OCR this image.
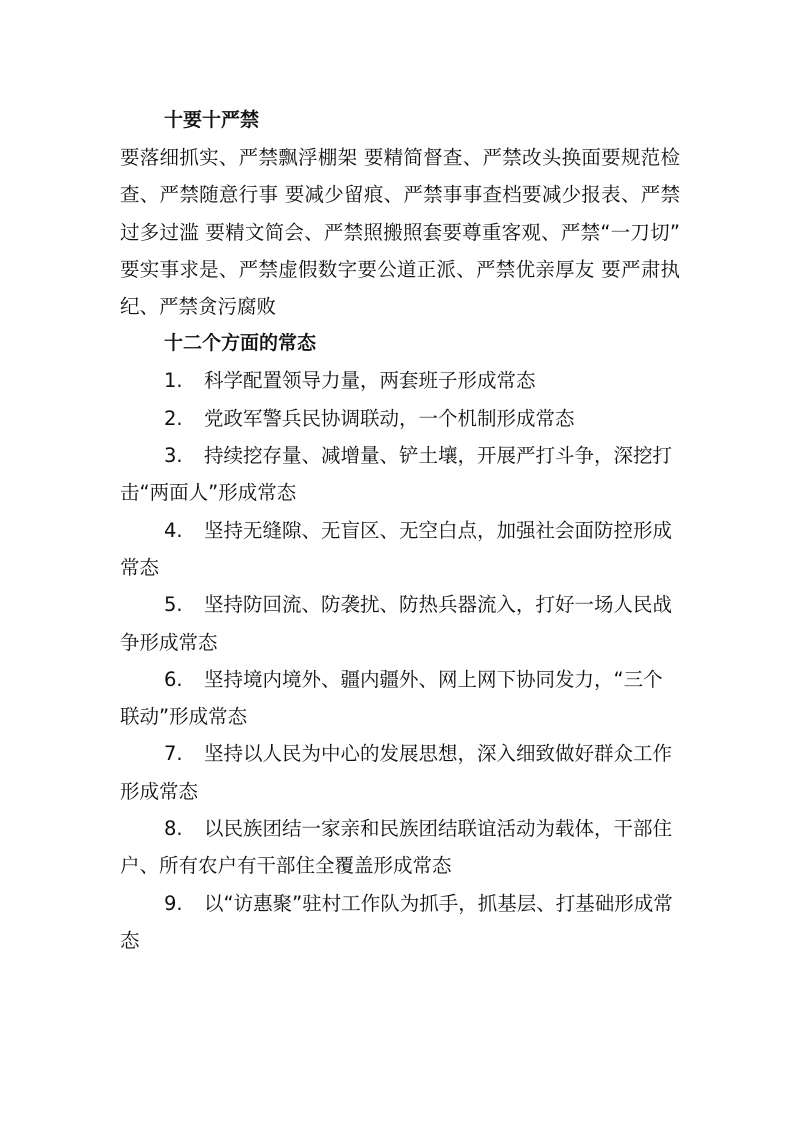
十要十严禁

要落细抓实、严禁飘浮棚架 要精简督查、严禁改头换面要规范检查、严禁随意行事 要减少留痕、严禁事事查档要减少报表、严禁过多过滥 要精文简会、严禁照搬照套要尊重客观、严禁“一刀切” 要实事求是、严禁虚假数字要公道正派、严禁优亲厚友 要严肃执纪、严禁贪污腐败

十二个方面的常态

1. 科学配置领导力量，两套班子形成常态

2. 党政军警兵民协调联动，一个机制形成常态

3. 持续挖存量、减增量、铲土壤，开展严打斗争，深挖打击“两面人”形成常态

4. 坚持无缝隙、无盲区、无空白点，加强社会面防控形成常态

5. 坚持防回流、防袭扰、防热兵器流入，打好一场人民战争形成常态

6. 坚持境内境外、疆内疆外、网上网下协同发力，“三个联动”形成常态

7. 坚持以人民为中心的发展思想，深入细致做好群众工作形成常态

8. 以民族团结一家亲和民族团结联谊活动为载体，干部住户、所有农户有干部住全覆盖形成常态

9. 以“访惠聚”驻村工作队为抓手，抓基层、打基础形成常态
